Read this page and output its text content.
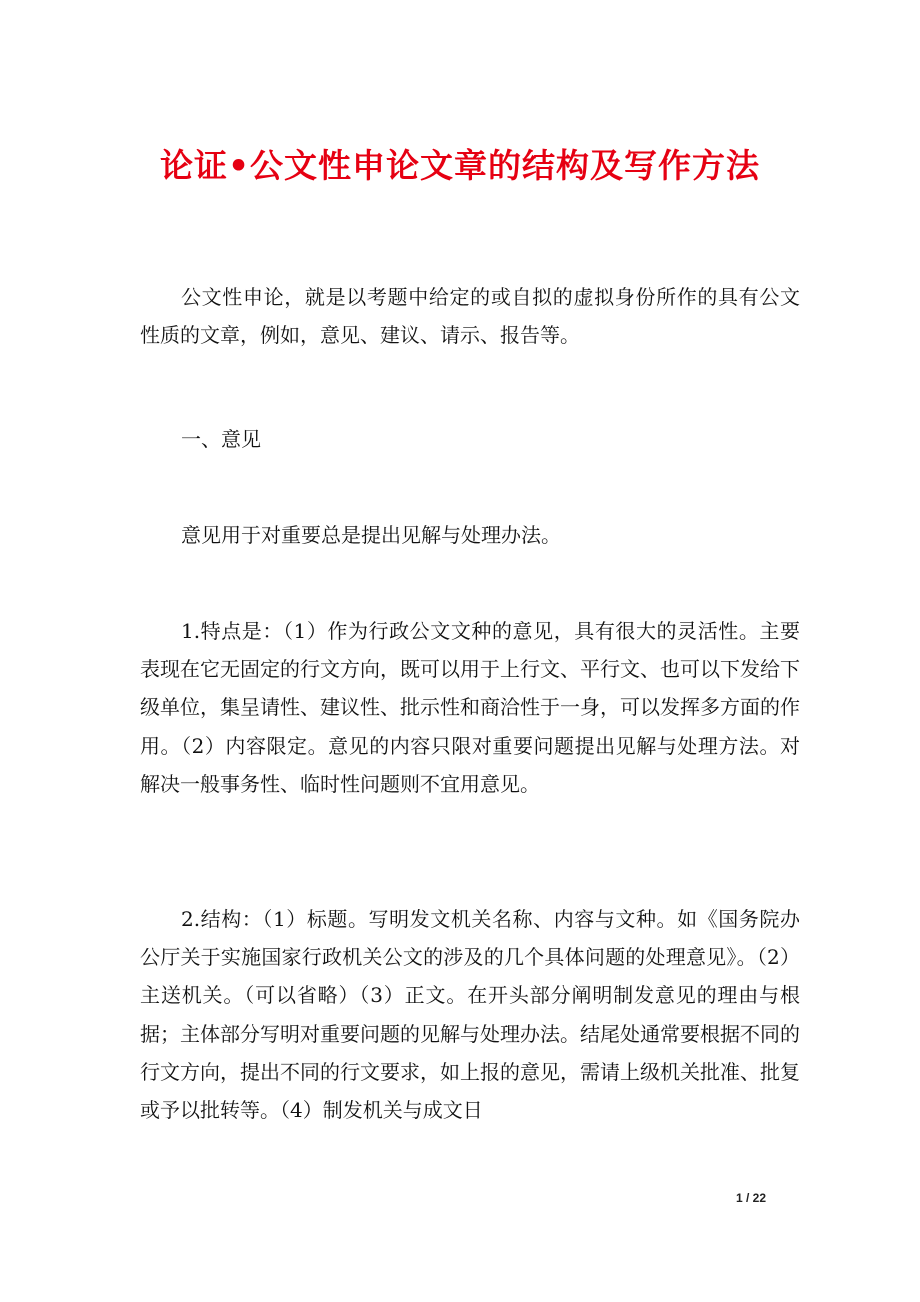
论证•公文性申论文章的结构及写作方法

公文性申论，就是以考题中给定的或自拟的虚拟身份所作的具有公文性质的文章，例如，意见、建议、请示、报告等。

一、意见

意见用于对重要总是提出见解与处理办法。

1.特点是：（1）作为行政公文文种的意见，具有很大的灵活性。主要表现在它无固定的行文方向，既可以用于上行文、平行文、也可以下发给下级单位，集呈请性、建议性、批示性和商洽性于一身，可以发挥多方面的作用。（2）内容限定。意见的内容只限对重要问题提出见解与处理方法。对解决一般事务性、临时性问题则不宜用意见。

2.结构：（1）标题。写明发文机关名称、内容与文种。如《国务院办公厅关于实施国家行政机关公文的涉及的几个具体问题的处理意见》。（2）主送机关。（可以省略）（3）正文。在开头部分阐明制发意见的理由与根据；主体部分写明对重要问题的见解与处理办法。结尾处通常要根据不同的行文方向，提出不同的行文要求，如上报的意见，需请上级机关批准、批复或予以批转等。（4）制发机关与成文日

1 / 22
